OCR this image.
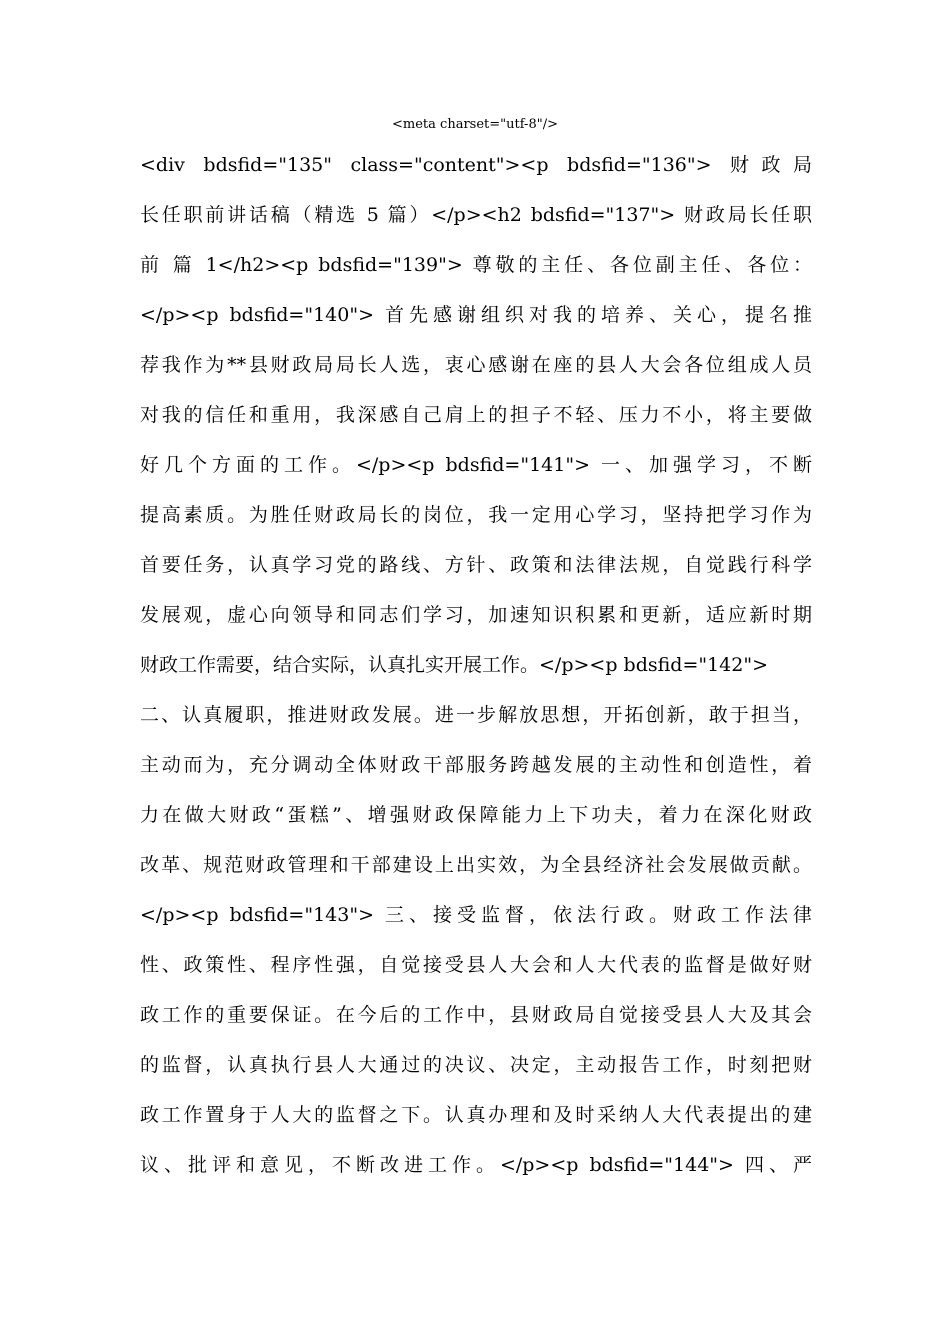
<meta charset="utf-8"/>
<div bdsfid="135" class="content"><p bdsfid="136"> 财政局
长任职前讲话稿（精选 5 篇）</p><h2 bdsfid="137"> 财政局长任职
前 篇 1</h2><p bdsfid="139"> 尊敬的主任、各位副主任、各位：
</p><p bdsfid="140"> 首先感谢组织对我的培养、关心，提名推
荐我作为**县财政局局长人选，衷心感谢在座的县人大会各位组成人员
对我的信任和重用，我深感自己肩上的担子不轻、压力不小，将主要做
好几个方面的工作。</p><p bdsfid="141"> 一、加强学习，不断
提高素质。为胜任财政局长的岗位，我一定用心学习，坚持把学习作为
首要任务，认真学习党的路线、方针、政策和法律法规，自觉践行科学
发展观，虚心向领导和同志们学习，加速知识积累和更新，适应新时期
财政工作需要，结合实际，认真扎实开展工作。</p><p bdsfid="142">
二、认真履职，推进财政发展。进一步解放思想，开拓创新，敢于担当，
主动而为，充分调动全体财政干部服务跨越发展的主动性和创造性，着
力在做大财政“蛋糕”、增强财政保障能力上下功夫，着力在深化财政
改革、规范财政管理和干部建设上出实效，为全县经济社会发展做贡献。
</p><p bdsfid="143"> 三、接受监督，依法行政。财政工作法律
性、政策性、程序性强，自觉接受县人大会和人大代表的监督是做好财
政工作的重要保证。在今后的工作中，县财政局自觉接受县人大及其会
的监督，认真执行县人大通过的决议、决定，主动报告工作，时刻把财
政工作置身于人大的监督之下。认真办理和及时采纳人大代表提出的建
议、批评和意见，不断改进工作。</p><p bdsfid="144"> 四、严
